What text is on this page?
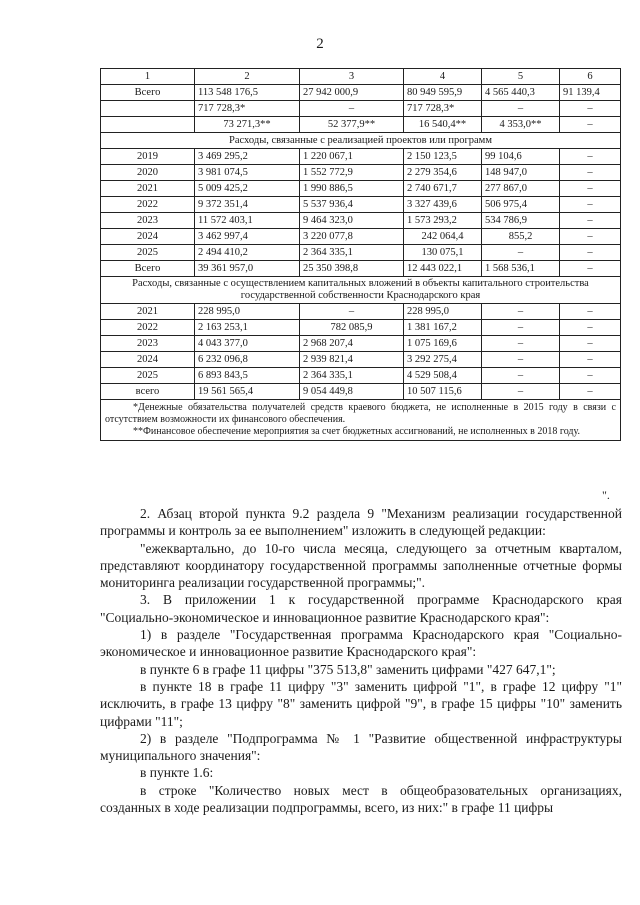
2
1	2	3	4	5	6
Всего	113 548 176,5	27 942 000,9	80 949 595,9	4 565 440,3	91 139,4
	717 728,3*	–	717 728,3*	–	–
	73 271,3**	52 377,9**	16 540,4**	4 353,0**	–
Расходы, связанные с реализацией проектов или программ					
2019	3 469 295,2	1 220 067,1	2 150 123,5	99 104,6	–
2020	3 981 074,5	1 552 772,9	2 279 354,6	148 947,0	–
2021	5 009 425,2	1 990 886,5	2 740 671,7	277 867,0	–
2022	9 372 351,4	5 537 936,4	3 327 439,6	506 975,4	–
2023	11 572 403,1	9 464 323,0	1 573 293,2	534 786,9	–
2024	3 462 997,4	3 220 077,8	242 064,4	855,2	–
2025	2 494 410,2	2 364 335,1	130 075,1	–	–
Всего	39 361 957,0	25 350 398,8	12 443 022,1	1 568 536,1	–
Расходы, связанные с осуществлением капитальных вложений в объекты капитального строительства государственной собственности Краснодарского края					
2021	228 995,0	–	228 995,0	–	–
2022	2 163 253,1	782 085,9	1 381 167,2	–	–
2023	4 043 377,0	2 968 207,4	1 075 169,6	–	–
2024	6 232 096,8	2 939 821,4	3 292 275,4	–	–
2025	6 893 843,5	2 364 335,1	4 529 508,4	–	–
всего	19 561 565,4	9 054 449,8	10 507 115,6	–	–

*Денежные обязательства получателей средств краевого бюджета, не исполненные в 2015 году в связи с отсутствием возможности их финансового обеспечения.

**Финансовое обеспечение мероприятия за счет бюджетных ассигнований, не исполненных в 2018 году.					

".

2. Абзац второй пункта 9.2 раздела 9 "Механизм реализации государственной программы и контроль за ее выполнением" изложить в следующей редакции:

"ежеквартально, до 10-го числа месяца, следующего за отчетным кварталом, представляют координатору государственной программы заполненные отчетные формы мониторинга реализации государственной программы;".

3. В приложении 1 к государственной программе Краснодарского края "Социально-экономическое и инновационное развитие Краснодарского края":

1) в разделе "Государственная программа Краснодарского края "Социально-экономическое и инновационное развитие Краснодарского края":

в пункте 6 в графе 11 цифры "375 513,8" заменить цифрами "427 647,1";

в пункте 18 в графе 11 цифру "3" заменить цифрой "1", в графе 12 цифру "1" исключить, в графе 13 цифру "8" заменить цифрой "9", в графе 15 цифры "10" заменить цифрами "11";

2) в разделе "Подпрограмма № 1 "Развитие общественной инфраструктуры муниципального значения":

в пункте 1.6:

в строке "Количество новых мест в общеобразовательных организациях, созданных в ходе реализации подпрограммы, всего, из них:" в графе 11 цифры
